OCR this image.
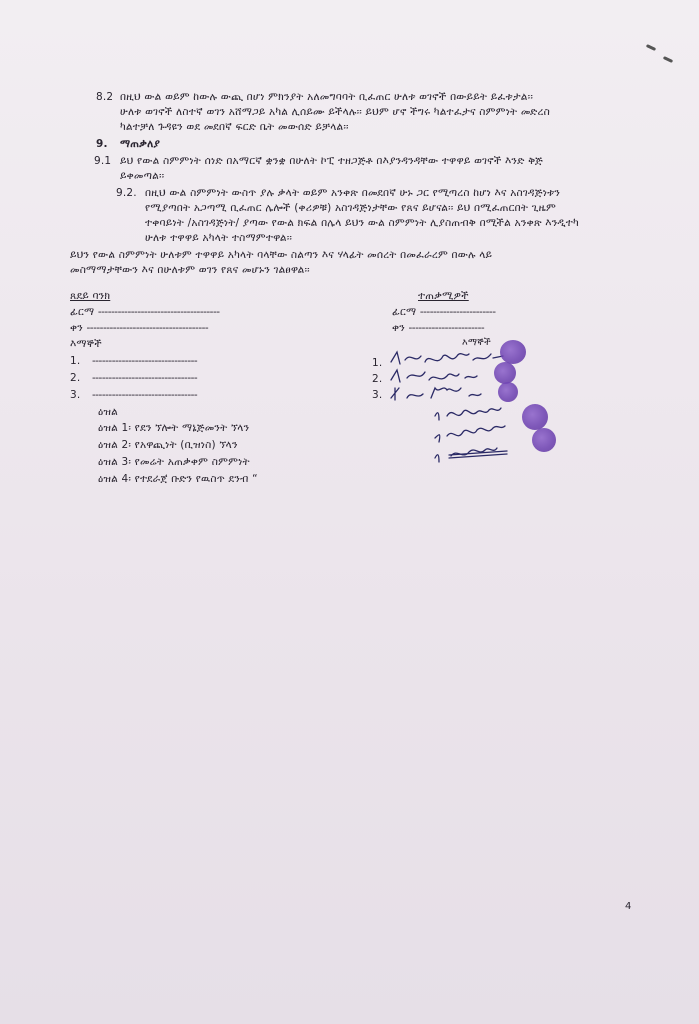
8.2 በዚህ ውል ወይም ከውሉ ውጪ በሆነ ምክንያት አለመግባባት ቢፈጠር ሁለቱ ወገኖች በውይይት ይፈቱታል፡፡
ሁለቱ ወገኖች ለስተኛ ወገን አሸማጋይ አካል ሊሰይሙ ይችላሉ፡፡ ይህም ሆኖ ችግሩ ካልተፈታና ስምምነት መድረስ
ካልተቻለ ጉዳዩን ወደ መደበኛ ፍርድ ቤት መውሰድ ይቻላል፡፡
9. ማጠቃለያ
9.1 ይህ የውል ስምምነት ሰነድ በአማርኛ ቋንቋ በሁለት ኮፒ ተዘጋጅቶ በእያንዳንዳቸው ተዋዋይ ወገኖች እንድ ቅጅ
ይቀመጣል፡፡
9.2. በዚህ ውል ስምምነት ውስጥ ያሉ ቃላት ወይም አንቀጽ በመደበኛ ሁኑ ጋር የሚጣረስ ከሆነ እና አስገዳጅነቱን
የሚያጣበት አጋጣሚ ቢፈጠር ሌሎች (ቀሪዎቹ) አስገዳጅነታቸው የጸና ይሆናል፡፡ ይህ በሚፈጠርበት ጊዜም
ተቀባይነት /አስገዳጅነት/ ያጣው የውል ክፍል በሌላ ይህን ውል ስምምነት ሊያስጠብቅ በሚችል አንቀጽ እንዲተካ
ሁለቱ ተዋዋይ አካላት ተስማምተዋል፡፡
ይህን የውል ስምምነት ሁለቱም ተዋዋይ አካላት ባላቸው ስልጣን እና ሃላፊት መሰረት በመፈራረም በውሉ ላይ
መስማማታቸውን እና በሁለቱም ወገን የጸና መሆኑን ገልፀዋል፡፡
ጸደይ ባንክ
ፊርማ -------------------------------------
ቀን -------------------------------------
እማኞች
1. --------------------------------
2. --------------------------------
3. --------------------------------
ዕዝል
ዕዝል 1፡ የደን ኘሎት ማኔጅመንት ኘላን
ዕዝል 2፡ የአዋጪነት (ቢዝነስ) ኘላን
ዕዝል 3፡ የመሬት አጠቃቀም ስምምነት
ዕዝል 4፡ የተደራጀ ቡድን የዉስጥ ደንብ “
ተጠቃሚዎች
ፊርማ -----------------------
ቀን -----------------------
እማኞች
1.
2.
3.
4
